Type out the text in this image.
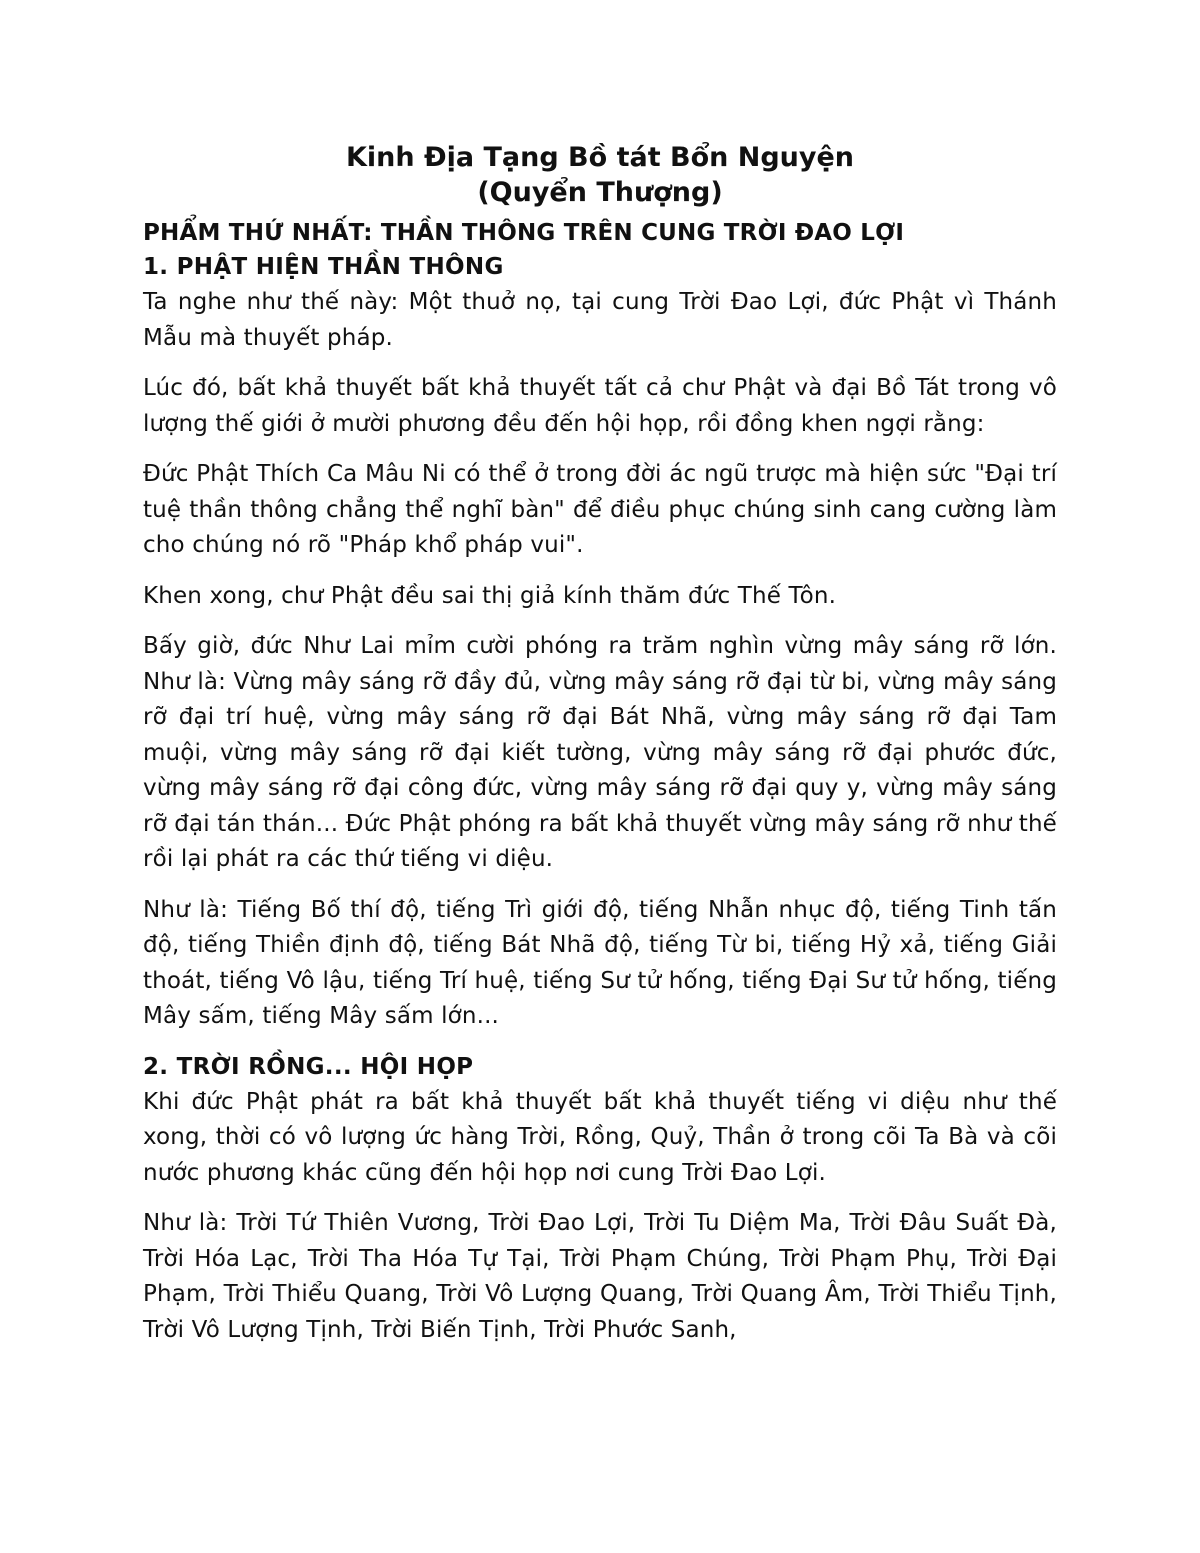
Kinh Địa Tạng Bồ tát Bổn Nguyện
(Quyển Thượng)
PHẨM THỨ NHẤT: THẦN THÔNG TRÊN CUNG TRỜI ĐAO LỢI
1. PHẬT HIỆN THẦN THÔNG

Ta nghe như thế này: Một thuở nọ, tại cung Trời Đao Lợi, đức Phật vì Thánh Mẫu mà thuyết pháp.

Lúc đó, bất khả thuyết bất khả thuyết tất cả chư Phật và đại Bồ Tát trong vô lượng thế giới ở mười phương đều đến hội họp, rồi đồng khen ngợi rằng:

Đức Phật Thích Ca Mâu Ni có thể ở trong đời ác ngũ trược mà hiện sức "Đại trí tuệ thần thông chẳng thể nghĩ bàn" để điều phục chúng sinh cang cường làm cho chúng nó rõ "Pháp khổ pháp vui".

Khen xong, chư Phật đều sai thị giả kính thăm đức Thế Tôn.

Bấy giờ, đức Như Lai mỉm cười phóng ra trăm nghìn vừng mây sáng rỡ lớn. Như là: Vừng mây sáng rỡ đầy đủ, vừng mây sáng rỡ đại từ bi, vừng mây sáng rỡ đại trí huệ, vừng mây sáng rỡ đại Bát Nhã, vừng mây sáng rỡ đại Tam muội, vừng mây sáng rỡ đại kiết tường, vừng mây sáng rỡ đại phước đức, vừng mây sáng rỡ đại công đức, vừng mây sáng rỡ đại quy y, vừng mây sáng rỡ đại tán thán... Đức Phật phóng ra bất khả thuyết vừng mây sáng rỡ như thế rồi lại phát ra các thứ tiếng vi diệu.

Như là: Tiếng Bố thí độ, tiếng Trì giới độ, tiếng Nhẫn nhục độ, tiếng Tinh tấn độ, tiếng Thiền định độ, tiếng Bát Nhã độ, tiếng Từ bi, tiếng Hỷ xả, tiếng Giải thoát, tiếng Vô lậu, tiếng Trí huệ, tiếng Sư tử hống, tiếng Đại Sư tử hống, tiếng Mây sấm, tiếng Mây sấm lớn...

2. TRỜI RỒNG... HỘI HỌP

Khi đức Phật phát ra bất khả thuyết bất khả thuyết tiếng vi diệu như thế xong, thời có vô lượng ức hàng Trời, Rồng, Quỷ, Thần ở trong cõi Ta Bà và cõi nước phương khác cũng đến hội họp nơi cung Trời Đao Lợi.

Như là: Trời Tứ Thiên Vương, Trời Đao Lợi, Trời Tu Diệm Ma, Trời Đâu Suất Đà, Trời Hóa Lạc, Trời Tha Hóa Tự Tại, Trời Phạm Chúng, Trời Phạm Phụ, Trời Đại Phạm, Trời Thiểu Quang, Trời Vô Lượng Quang, Trời Quang Âm, Trời Thiểu Tịnh, Trời Vô Lượng Tịnh, Trời Biến Tịnh, Trời Phước Sanh,
